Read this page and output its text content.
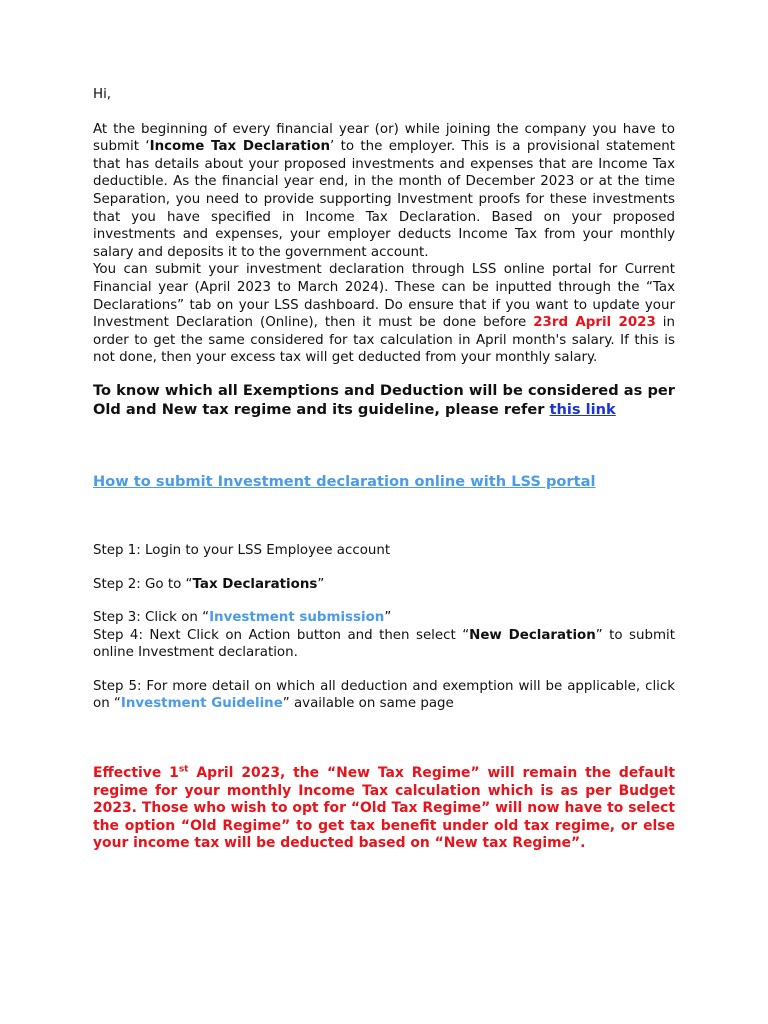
Hi,

At the beginning of every financial year (or) while joining the company you have to submit ‘Income Tax Declaration’ to the employer. This is a provisional statement that has details about your proposed investments and expenses that are Income Tax deductible. As the financial year end, in the month of December 2023 or at the time Separation, you need to provide supporting Investment proofs for these investments that you have specified in Income Tax Declaration. Based on your proposed investments and expenses, your employer deducts Income Tax from your monthly salary and deposits it to the government account.

You can submit your investment declaration through LSS online portal for Current Financial year (April 2023 to March 2024). These can be inputted through the “Tax Declarations” tab on your LSS dashboard. Do ensure that if you want to update your Investment Declaration (Online), then it must be done before 23rd April 2023 in order to get the same considered for tax calculation in April month's salary. If this is not done, then your excess tax will get deducted from your monthly salary.

To know which all Exemptions and Deduction will be considered as per Old and New tax regime and its guideline, please refer this link

How to submit Investment declaration online with LSS portal

Step 1: Login to your LSS Employee account

Step 2: Go to “Tax Declarations”

Step 3: Click on “Investment submission”

Step 4: Next Click on Action button and then select “New Declaration” to submit online Investment declaration.

Step 5: For more detail on which all deduction and exemption will be applicable, click on “Investment Guideline” available on same page

Effective 1st April 2023, the “New Tax Regime” will remain the default regime for your monthly Income Tax calculation which is as per Budget 2023. Those who wish to opt for “Old Tax Regime” will now have to select the option “Old Regime” to get tax benefit under old tax regime, or else your income tax will be deducted based on “New tax Regime”.
